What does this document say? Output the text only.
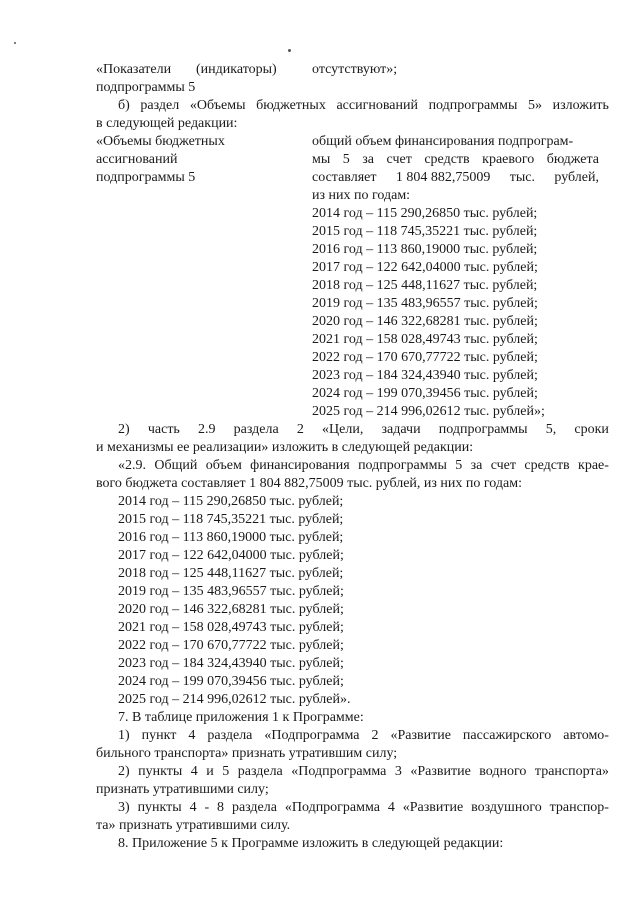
«Показатели (индикаторы)	отсутствуют»;
подпрограммы 5
б) раздел «Объемы бюджетных ассигнований подпрограммы 5» изложить
в следующей редакции:
«Объемы бюджетных
ассигнований
подпрограммы 5
общий объем финансирования подпрограм-
мы 5 за счет средств краевого бюджета
составляет 1 804 882,75009 тыс. рублей,
из них по годам:
2014 год – 115 290,26850 тыс. рублей;
2015 год – 118 745,35221 тыс. рублей;
2016 год – 113 860,19000 тыс. рублей;
2017 год – 122 642,04000 тыс. рублей;
2018 год – 125 448,11627 тыс. рублей;
2019 год – 135 483,96557 тыс. рублей;
2020 год – 146 322,68281 тыс. рублей;
2021 год – 158 028,49743 тыс. рублей;
2022 год – 170 670,77722 тыс. рублей;
2023 год – 184 324,43940 тыс. рублей;
2024 год – 199 070,39456 тыс. рублей;
2025 год – 214 996,02612 тыс. рублей»;
2) часть 2.9 раздела 2 «Цели, задачи подпрограммы 5, сроки
и механизмы ее реализации» изложить в следующей редакции:
«2.9. Общий объем финансирования подпрограммы 5 за счет средств крае-
вого бюджета составляет 1 804 882,75009 тыс. рублей, из них по годам:
2014 год – 115 290,26850 тыс. рублей;
2015 год – 118 745,35221 тыс. рублей;
2016 год – 113 860,19000 тыс. рублей;
2017 год – 122 642,04000 тыс. рублей;
2018 год – 125 448,11627 тыс. рублей;
2019 год – 135 483,96557 тыс. рублей;
2020 год – 146 322,68281 тыс. рублей;
2021 год – 158 028,49743 тыс. рублей;
2022 год – 170 670,77722 тыс. рублей;
2023 год – 184 324,43940 тыс. рублей;
2024 год – 199 070,39456 тыс. рублей;
2025 год – 214 996,02612 тыс. рублей».
7. В таблице приложения 1 к Программе:
1) пункт 4 раздела «Подпрограмма 2 «Развитие пассажирского автомо-
бильного транспорта» признать утратившим силу;
2) пункты 4 и 5 раздела «Подпрограмма 3 «Развитие водного транспорта»
признать утратившими силу;
3) пункты 4 - 8 раздела «Подпрограмма 4 «Развитие воздушного транспор-
та» признать утратившими силу.
8. Приложение 5 к Программе изложить в следующей редакции:
